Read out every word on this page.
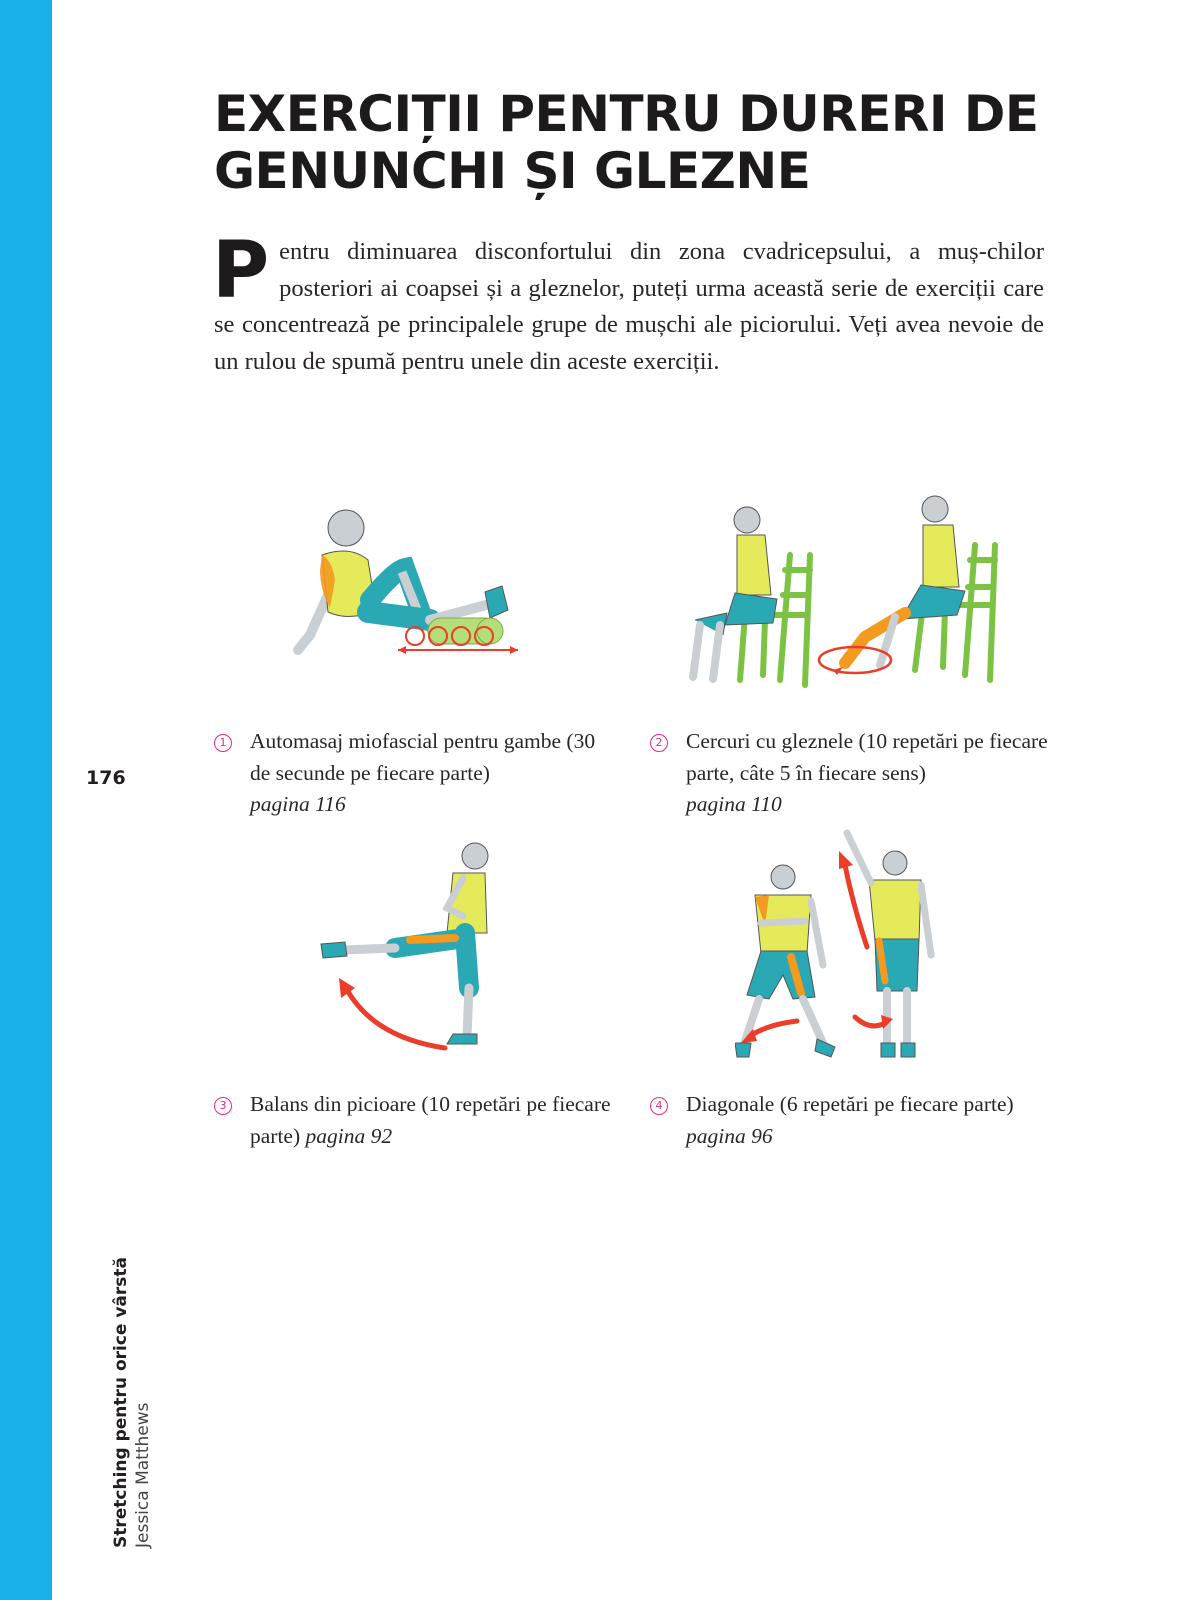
EXERCIȚII PENTRU DURERI DE
GENUNCHI ȘI GLEZNE
P entru diminuarea disconfortului din zona cvadricepsului, a muș-chilor posteriori ai coapsei și a gleznelor, puteți urma această serie de exerciții care se concentrează pe principalele grupe de mușchi ale piciorului. Veți avea nevoie de un rulou de spumă pentru unele din aceste exerciții.

1 Automasaj miofascial pentru gambe (30 de secunde pe fiecare parte)
pagina 116
2 Cercuri cu gleznele (10 repetări pe fiecare parte, câte 5 în fiecare sens)
pagina 110
3 Balans din picioare (10 repetări pe fiecare parte) pagina 92
4 Diagonale (6 repetări pe fiecare parte) pagina 96
176
Stretching pentru orice vârstă Jessica Matthews
